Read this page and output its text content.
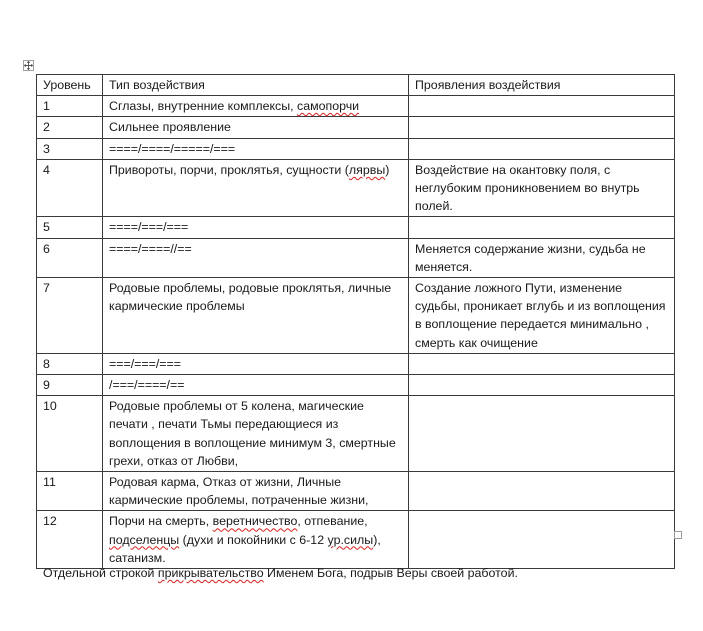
Уровень	Тип воздействия	Проявления воздействия
1	Сглазы, внутренние комплексы, самопорчи	
2	Сильнее проявление	
3	====/====/=====/===	
4	Привороты, порчи, проклятья, сущности (лярвы)	Воздействие на окантовку поля, с неглубоким проникновением во внутрь полей.
5	====/===/===	
6	====/====//==	Меняется содержание жизни, судьба не меняется.
7	Родовые проблемы, родовые проклятья, личные кармические проблемы	Создание ложного Пути, изменение судьбы, проникает вглубь и из воплощения в воплощение передается минимально , смерть как очищение
8	===/===/===	
9	/===/====/==	
10	Родовые проблемы от 5 колена, магические печати , печати Тьмы передающиеся из воплощения в воплощение минимум 3, смертные грехи, отказ от Любви,	
11	Родовая карма, Отказ от жизни, Личные кармические проблемы, потраченные жизни,	
12	Порчи на смерть, веретничество, отпевание, подселенцы (духи и покойники с 6-12 ур.силы), сатанизм.	
Отдельной строкой прикрывательство Именем Бога, подрыв Веры своей работой.
